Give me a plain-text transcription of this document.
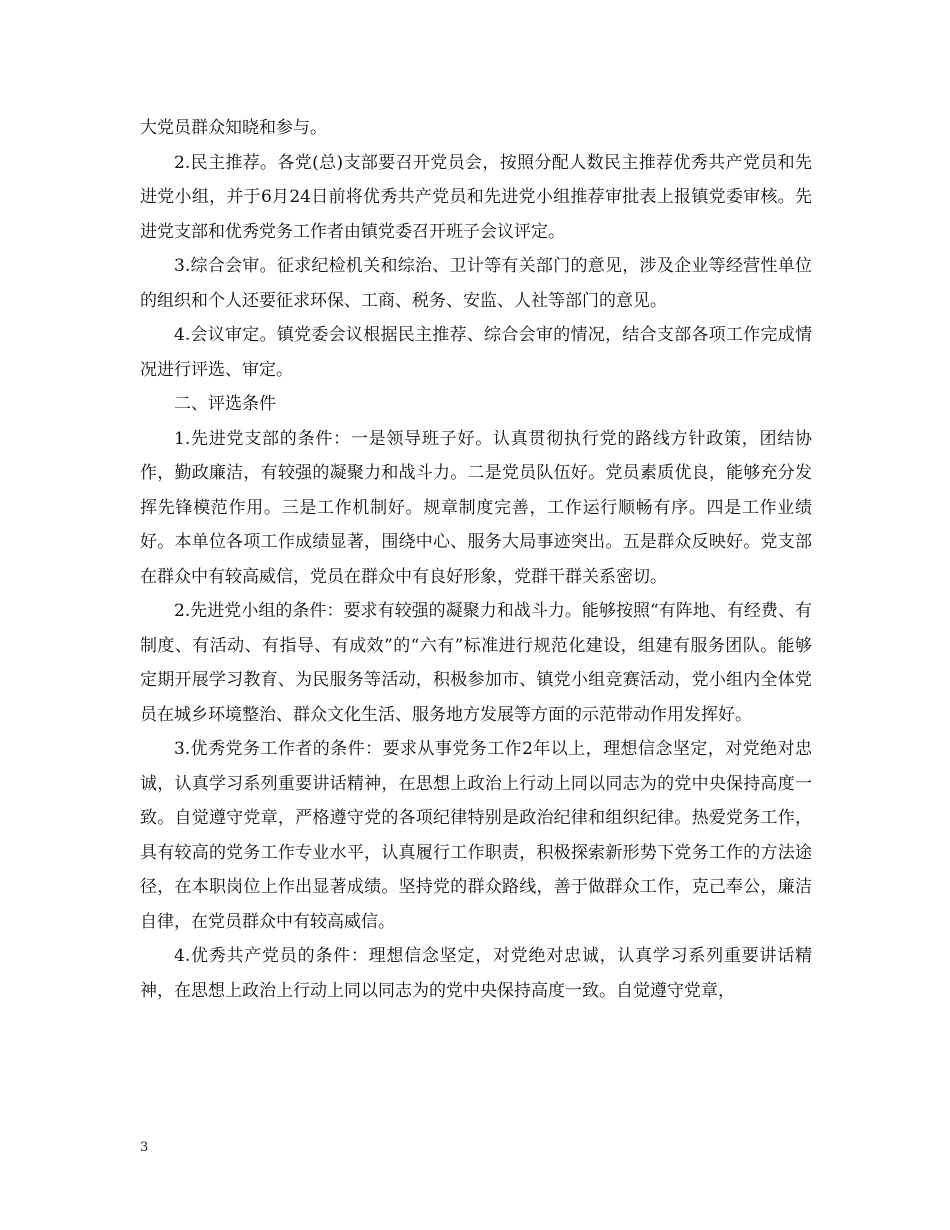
大党员群众知晓和参与。

2.民主推荐。各党(总)支部要召开党员会，按照分配人数民主推荐优秀共产党员和先进党小组，并于6月24日前将优秀共产党员和先进党小组推荐审批表上报镇党委审核。先进党支部和优秀党务工作者由镇党委召开班子会议评定。

3.综合会审。征求纪检机关和综治、卫计等有关部门的意见，涉及企业等经营性单位的组织和个人还要征求环保、工商、税务、安监、人社等部门的意见。

4.会议审定。镇党委会议根据民主推荐、综合会审的情况，结合支部各项工作完成情况进行评选、审定。

二、评选条件

1.先进党支部的条件：一是领导班子好。认真贯彻执行党的路线方针政策，团结协作，勤政廉洁，有较强的凝聚力和战斗力。二是党员队伍好。党员素质优良，能够充分发挥先锋模范作用。三是工作机制好。规章制度完善，工作运行顺畅有序。四是工作业绩好。本单位各项工作成绩显著，围绕中心、服务大局事迹突出。五是群众反映好。党支部在群众中有较高威信，党员在群众中有良好形象，党群干群关系密切。

2.先进党小组的条件：要求有较强的凝聚力和战斗力。能够按照“有阵地、有经费、有制度、有活动、有指导、有成效”的“六有”标准进行规范化建设，组建有服务团队。能够定期开展学习教育、为民服务等活动，积极参加市、镇党小组竞赛活动，党小组内全体党员在城乡环境整治、群众文化生活、服务地方发展等方面的示范带动作用发挥好。

3.优秀党务工作者的条件：要求从事党务工作2年以上，理想信念坚定，对党绝对忠诚，认真学习系列重要讲话精神，在思想上政治上行动上同以同志为的党中央保持高度一致。自觉遵守党章，严格遵守党的各项纪律特别是政治纪律和组织纪律。热爱党务工作，具有较高的党务工作专业水平，认真履行工作职责，积极探索新形势下党务工作的方法途径，在本职岗位上作出显著成绩。坚持党的群众路线，善于做群众工作，克己奉公，廉洁自律，在党员群众中有较高威信。

4.优秀共产党员的条件：理想信念坚定，对党绝对忠诚，认真学习系列重要讲话精神，在思想上政治上行动上同以同志为的党中央保持高度一致。自觉遵守党章，

3
